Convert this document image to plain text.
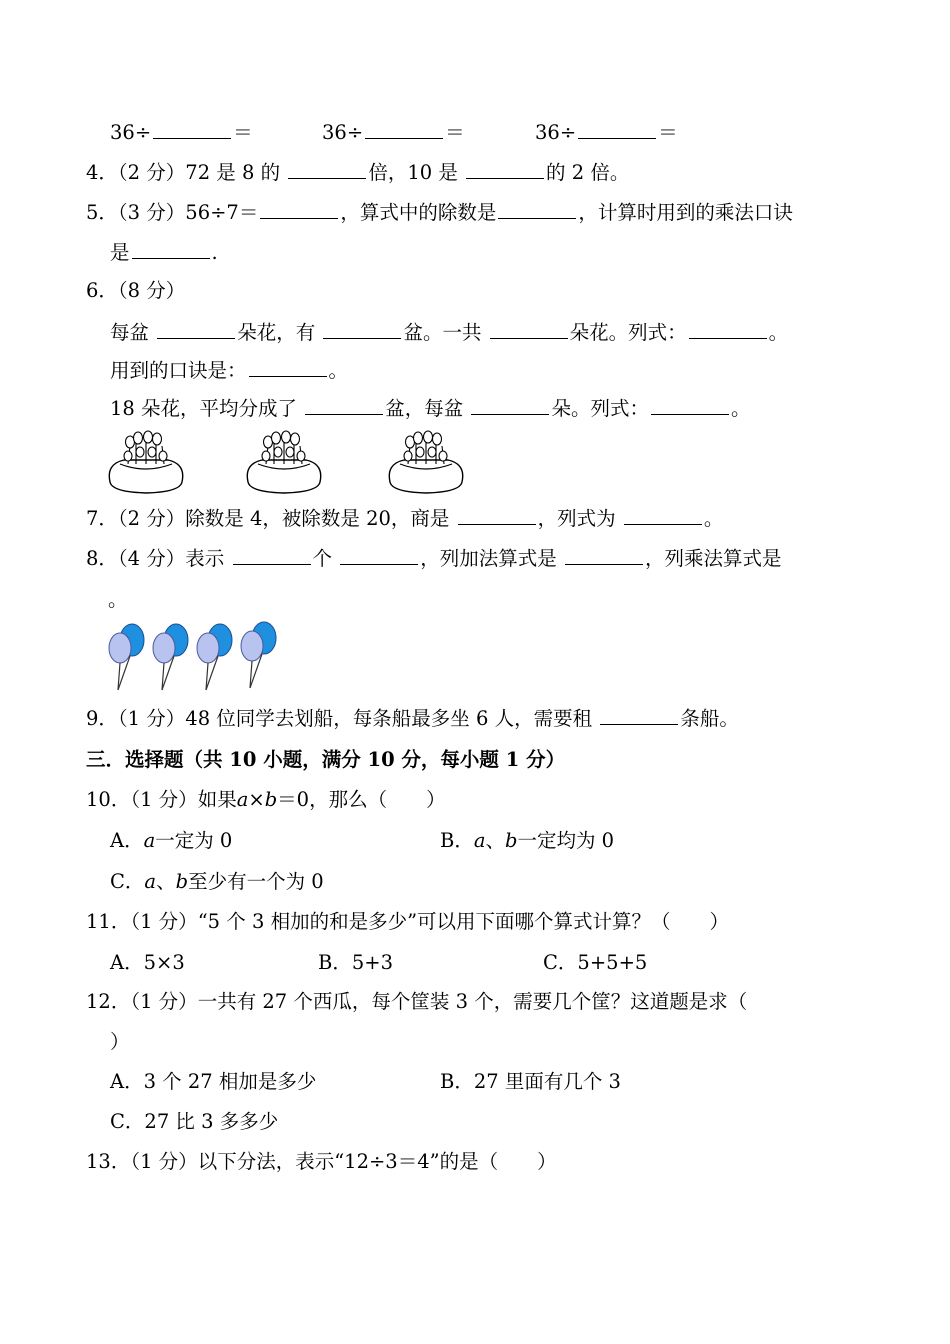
36÷	＝	36÷	＝	36÷	＝
4．（2 分）72 是 8 的	倍，10 是	的 2 倍。
5．（3 分）56÷7＝	，算式中的除数是	，计算时用到的乘法口诀
是	.
6．（8 分）
每盆	朵花，有	盆。一共	朵花。列式：	。
用到的口诀是：	。
18 朵花，平均分成了	盆，每盆	朵。列式：	。
7．（2 分）除数是 4，被除数是 20，商是	，列式为	。
8．（4 分）表示	个	，列加法算式是	，列乘法算式是
。
9．（1 分）48 位同学去划船，每条船最多坐 6 人，需要租	条船。
三．选择题（共 10 小题，满分 10 分，每小题 1 分）
10．（1 分）如果a×b＝0，那么（　　）
A．a一定为 0	B．a、b一定均为 0
C．a、b至少有一个为 0
11．（1 分）“5 个 3 相加的和是多少”可以用下面哪个算式计算？（　　）
A．5×3	B．5+3	C．5+5+5
12．（1 分）一共有 27 个西瓜，每个筐装 3 个，需要几个筐？这道题是求（
）
A．3 个 27 相加是多少	B．27 里面有几个 3
C．27 比 3 多多少
13．（1 分）以下分法，表示“12÷3＝4”的是（　　）
